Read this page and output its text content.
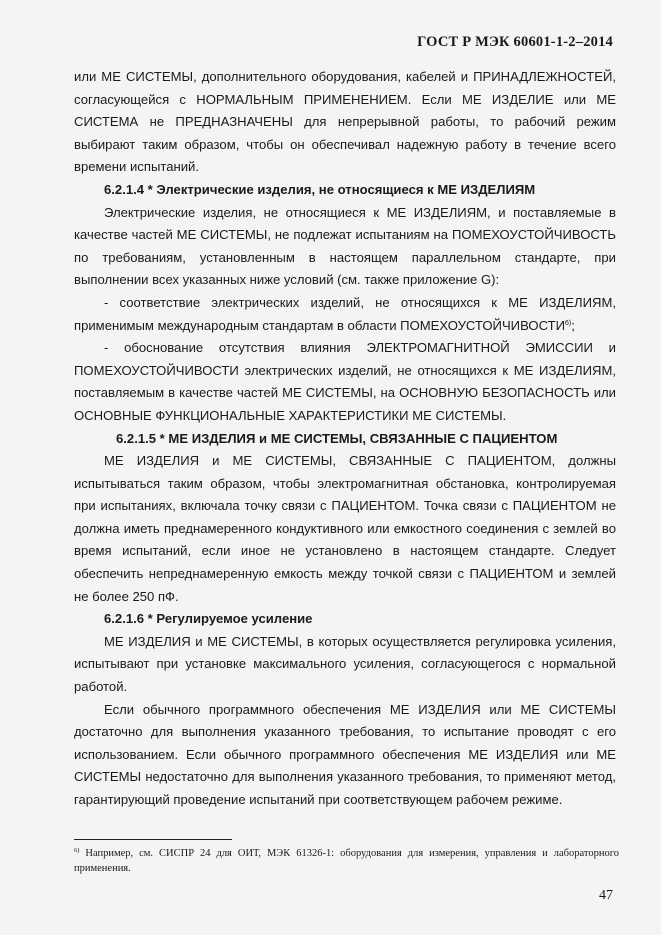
ГОСТ Р МЭК 60601-1-2–2014

или МЕ СИСТЕМЫ, дополнительного оборудования, кабелей и ПРИНАДЛЕЖНОСТЕЙ, согласующейся с НОРМАЛЬНЫМ ПРИМЕНЕНИЕМ. Если МЕ ИЗДЕЛИЕ или МЕ СИСТЕМА не ПРЕДНАЗНАЧЕНЫ для непрерывной работы, то рабочий режим выбирают таким образом, чтобы он обеспечивал надежную работу в течение всего времени испытаний.

6.2.1.4 * Электрические изделия, не относящиеся к МЕ ИЗДЕЛИЯМ

Электрические изделия, не относящиеся к МЕ ИЗДЕЛИЯМ, и поставляемые в качестве частей МЕ СИСТЕМЫ, не подлежат испытаниям на ПОМЕХОУСТОЙЧИВОСТЬ по требованиям, установленным в настоящем параллельном стандарте, при выполнении всех указанных ниже условий (см. также приложение G):

- соответствие электрических изделий, не относящихся к МЕ ИЗДЕЛИЯМ, применимым международным стандартам в области ПОМЕХОУСТОЙЧИВОСТИ$^{6)}$;

- обоснование отсутствия влияния ЭЛЕКТРОМАГНИТНОЙ ЭМИССИИ и ПОМЕХОУСТОЙЧИВОСТИ электрических изделий, не относящихся к МЕ ИЗДЕЛИЯМ, поставляемым в качестве частей МЕ СИСТЕМЫ, на ОСНОВНУЮ БЕЗОПАСНОСТЬ или ОСНОВНЫЕ ФУНКЦИОНАЛЬНЫЕ ХАРАКТЕРИСТИКИ МЕ СИСТЕМЫ.

6.2.1.5 * МЕ ИЗДЕЛИЯ и МЕ СИСТЕМЫ, СВЯЗАННЫЕ С ПАЦИЕНТОМ

МЕ ИЗДЕЛИЯ и МЕ СИСТЕМЫ, СВЯЗАННЫЕ С ПАЦИЕНТОМ, должны испытываться таким образом, чтобы электромагнитная обстановка, контролируемая при испытаниях, включала точку связи с ПАЦИЕНТОМ. Точка связи с ПАЦИЕНТОМ не должна иметь преднамеренного кондуктивного или емкостного соединения с землей во время испытаний, если иное не установлено в настоящем стандарте. Следует обеспечить непреднамеренную емкость между точкой связи с ПАЦИЕНТОМ и землей не более 250 пФ.

6.2.1.6 * Регулируемое усиление

МЕ ИЗДЕЛИЯ и МЕ СИСТЕМЫ, в которых осуществляется регулировка усиления, испытывают при установке максимального усиления, согласующегося с нормальной работой.

Если обычного программного обеспечения МЕ ИЗДЕЛИЯ или МЕ СИСТЕМЫ достаточно для выполнения указанного требования, то испытание проводят с его использованием. Если обычного программного обеспечения МЕ ИЗДЕЛИЯ или МЕ СИСТЕМЫ недостаточно для выполнения указанного требования, то применяют метод, гарантирующий проведение испытаний при соответствующем рабочем режиме.

$^{6)}$ Например, см. СИСПР 24 для ОИТ, МЭК 61326-1: оборудования для измерения, управления и лабораторного применения.
47
